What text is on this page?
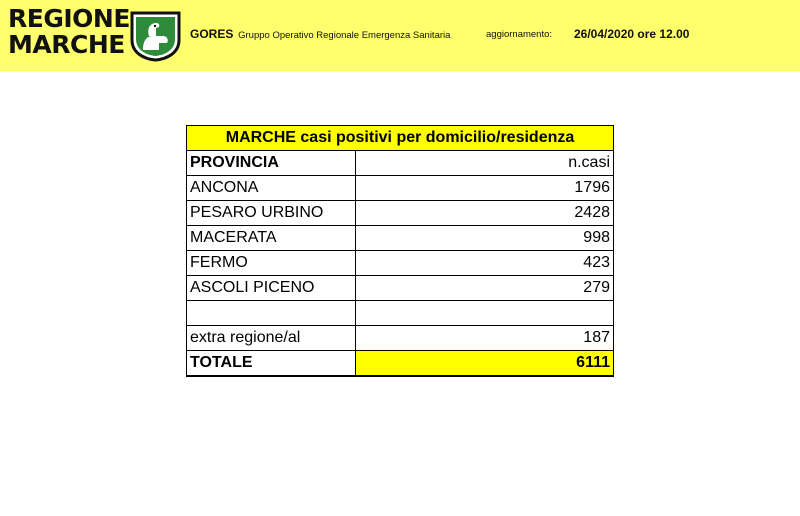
REGIONE
MARCHE	GORES Gruppo Operativo Regionale Emergenza Sanitaria	aggiornamento: 26/04/2020 ore 12.00
MARCHE casi positivi per domicilio/residenza	
PROVINCIA	n.casi
ANCONA	1796
PESARO URBINO	2428
MACERATA	998
FERMO	423
ASCOLI PICENO	279

extra regione/al	187
TOTALE	6111
